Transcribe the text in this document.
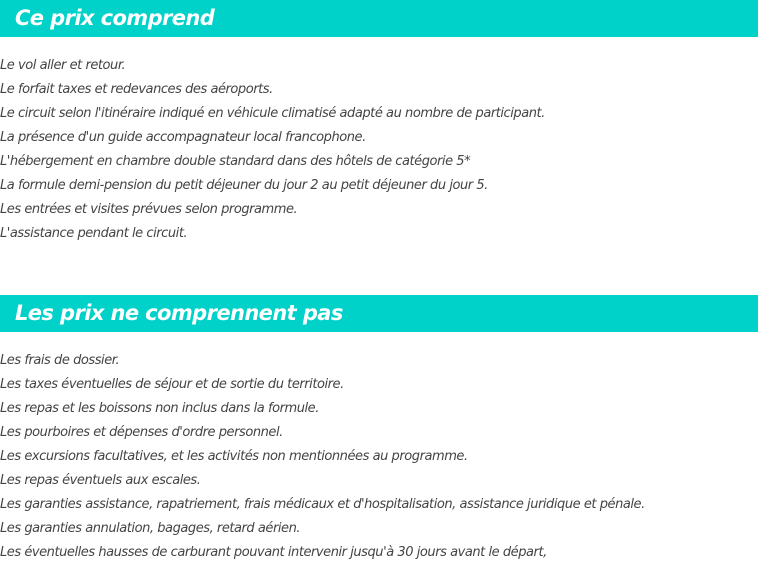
Ce prix comprend
Le vol aller et retour.
Le forfait taxes et redevances des aéroports.
Le circuit selon l'itinéraire indiqué en véhicule climatisé adapté au nombre de participant.
La présence d'un guide accompagnateur local francophone.
L'hébergement en chambre double standard dans des hôtels de catégorie 5*
La formule demi-pension du petit déjeuner du jour 2 au petit déjeuner du jour 5.
Les entrées et visites prévues selon programme.
L'assistance pendant le circuit.
Les prix ne comprennent pas
Les frais de dossier.
Les taxes éventuelles de séjour et de sortie du territoire.
Les repas et les boissons non inclus dans la formule.
Les pourboires et dépenses d'ordre personnel.
Les excursions facultatives, et les activités non mentionnées au programme.
Les repas éventuels aux escales.
Les garanties assistance, rapatriement, frais médicaux et d'hospitalisation, assistance juridique et pénale.
Les garanties annulation, bagages, retard aérien.
Les éventuelles hausses de carburant pouvant intervenir jusqu'à 30 jours avant le départ,
